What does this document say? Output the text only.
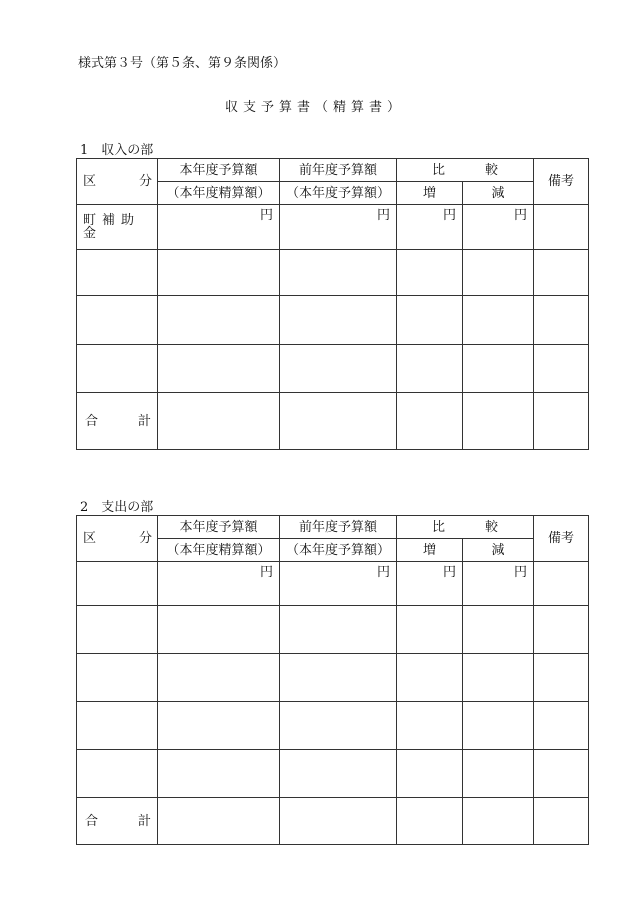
様式第３号（第５条、第９条関係）
収支予算書（精算書）
1　収入の部
区 分	本年度予算額	前年度予算額	比 較		備考
	（本年度精算額）	（本年度予算額）	増	減	
町補助金	円	円	円	円	

合 計					

2　支出の部
区 分	本年度予算額	前年度予算額	比 較		備考
	（本年度精算額）	（本年度予算額）	増	減	
	円	円	円	円	

合 計					
